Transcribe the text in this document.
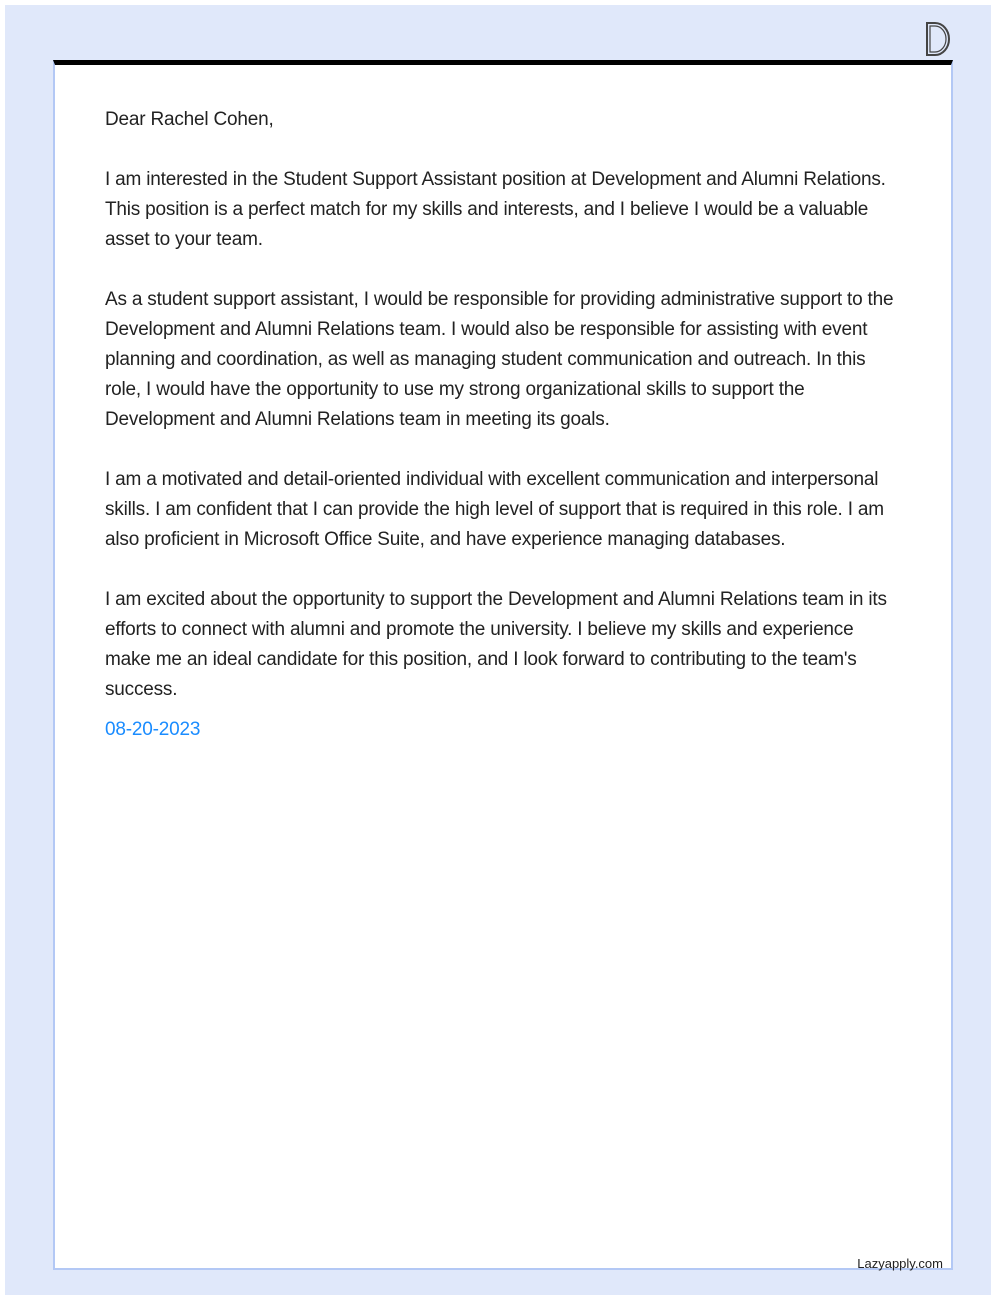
Dear Rachel Cohen,

I am interested in the Student Support Assistant position at Development and Alumni Relations. This position is a perfect match for my skills and interests, and I believe I would be a valuable asset to your team.

As a student support assistant, I would be responsible for providing administrative support to the Development and Alumni Relations team. I would also be responsible for assisting with event planning and coordination, as well as managing student communication and outreach. In this role, I would have the opportunity to use my strong organizational skills to support the Development and Alumni Relations team in meeting its goals.

I am a motivated and detail-oriented individual with excellent communication and interpersonal skills. I am confident that I can provide the high level of support that is required in this role. I am also proficient in Microsoft Office Suite, and have experience managing databases.

I am excited about the opportunity to support the Development and Alumni Relations team in its efforts to connect with alumni and promote the university. I believe my skills and experience make me an ideal candidate for this position, and I look forward to contributing to the team's success.

08-20-2023
Lazyapply.com
